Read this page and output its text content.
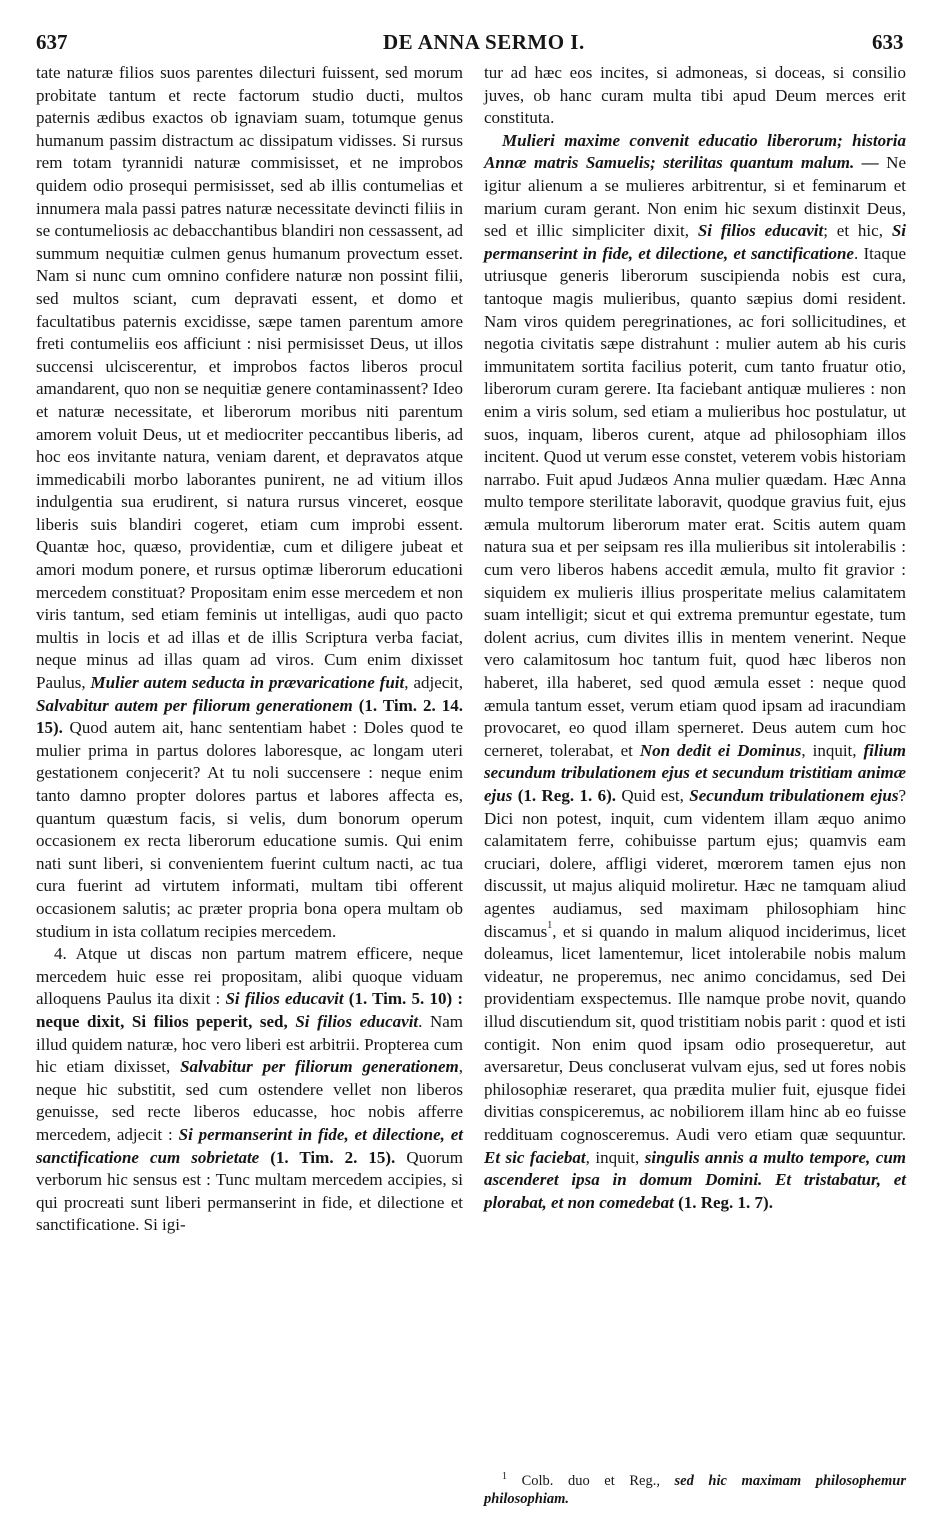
637	DE ANNA SERMO I.	633

tate naturæ filios suos parentes dilecturi fuissent, sed morum probitate tantum et recte factorum studio ducti, multos paternis ædibus exactos ob ignaviam suam, totumque genus humanum passim distractum ac dissipatum vidisses. Si rursus rem totam tyrannidi naturæ commisisset, et ne improbos quidem odio prosequi permisisset, sed ab illis contumelias et innumera mala passi patres naturæ necessitate devincti filiis in se contumeliosis ac debacchantibus blandiri non cessassent, ad summum nequitiæ culmen genus humanum provectum esset. Nam si nunc cum omnino confidere naturæ non possint filii, sed multos sciant, cum depravati essent, et domo et facultatibus paternis excidisse, sæpe tamen parentum amore freti contumeliis eos afficiunt : nisi permisisset Deus, ut illos succensi ulciscerentur, et improbos factos liberos procul amandarent, quo non se nequitiæ genere contaminassent? Ideo et naturæ necessitate, et liberorum moribus niti parentum amorem voluit Deus, ut et mediocriter peccantibus liberis, ad hoc eos invitante natura, veniam darent, et depravatos atque immedicabili morbo laborantes punirent, ne ad vitium illos indulgentia sua erudirent, si natura rursus vinceret, eosque liberis suis blandiri cogeret, etiam cum improbi essent. Quantæ hoc, quæso, providentiæ, cum et diligere jubeat et amori modum ponere, et rursus optimæ liberorum educationi mercedem constituat? Propositam enim esse mercedem et non viris tantum, sed etiam feminis ut intelligas, audi quo pacto multis in locis et ad illas et de illis Scriptura verba faciat, neque minus ad illas quam ad viros. Cum enim dixisset Paulus, Mulier autem seducta in prævaricatione fuit, adjecit, Salvabitur autem per filiorum generationem (1. Tim. 2. 14. 15). Quod autem ait, hanc sententiam habet : Doles quod te mulier prima in partus dolores laboresque, ac longam uteri gestationem conjecerit? At tu noli succensere : neque enim tanto damno propter dolores partus et labores affecta es, quantum quæstum facis, si velis, dum bonorum operum occasionem ex recta liberorum educatione sumis. Qui enim nati sunt liberi, si convenientem fuerint cultum nacti, ac tua cura fuerint ad virtutem informati, multam tibi offerent occasionem salutis; ac præter propria bona opera multam ob studium in ista collatum recipies mercedem.

4. Atque ut discas non partum matrem efficere, neque mercedem huic esse rei propositam, alibi quoque viduam alloquens Paulus ita dixit : Si filios educavit (1. Tim. 5. 10) : neque dixit, Si filios peperit, sed, Si filios educavit. Nam illud quidem naturæ, hoc vero liberi est arbitrii. Propterea cum hic etiam dixisset, Salvabitur per filiorum generationem, neque hic substitit, sed cum ostendere vellet non liberos genuisse, sed recte liberos educasse, hoc nobis afferre mercedem, adjecit : Si permanserint in fide, et dilectione, et sanctificatione cum sobrietate (1. Tim. 2. 15). Quorum verborum hic sensus est : Tunc multam mercedem accipies, si qui procreati sunt liberi permanserint in fide, et dilectione et sanctificatione. Si igi-

tur ad hæc eos incites, si admoneas, si doceas, si consilio juves, ob hanc curam multa tibi apud Deum merces erit constituta.

Mulieri maxime convenit educatio liberorum; historia Annæ matris Samuelis; sterilitas quantum malum. — Ne igitur alienum a se mulieres arbitrentur, si et feminarum et marium curam gerant. Non enim hic sexum distinxit Deus, sed et illic simpliciter dixit, Si filios educavit; et hic, Si permanserint in fide, et dilectione, et sanctificatione. Itaque utriusque generis liberorum suscipienda nobis est cura, tantoque magis mulieribus, quanto sæpius domi resident. Nam viros quidem peregrinationes, ac fori sollicitudines, et negotia civitatis sæpe distrahunt : mulier autem ab his curis immunitatem sortita facilius poterit, cum tanto fruatur otio, liberorum curam gerere. Ita faciebant antiquæ mulieres : non enim a viris solum, sed etiam a mulieribus hoc postulatur, ut suos, inquam, liberos curent, atque ad philosophiam illos incitent. Quod ut verum esse constet, veterem vobis historiam narrabo. Fuit apud Judæos Anna mulier quædam. Hæc Anna multo tempore sterilitate laboravit, quodque gravius fuit, ejus æmula multorum liberorum mater erat. Scitis autem quam natura sua et per seipsam res illa mulieribus sit intolerabilis : cum vero liberos habens accedit æmula, multo fit gravior : siquidem ex mulieris illius prosperitate melius calamitatem suam intelligit; sicut et qui extrema premuntur egestate, tum dolent acrius, cum divites illis in mentem venerint. Neque vero calamitosum hoc tantum fuit, quod hæc liberos non haberet, illa haberet, sed quod æmula esset : neque quod æmula tantum esset, verum etiam quod ipsam ad iracundiam provocaret, eo quod illam sperneret. Deus autem cum hoc cerneret, tolerabat, et Non dedit ei Dominus, inquit, filium secundum tribulationem ejus et secundum tristitiam animæ ejus (1. Reg. 1. 6). Quid est, Secundum tribulationem ejus? Dici non potest, inquit, cum videntem illam æquo animo calamitatem ferre, cohibuisse partum ejus; quamvis eam cruciari, dolere, affligi videret, mœrorem tamen ejus non discussit, ut majus aliquid moliretur. Hæc ne tamquam aliud agentes audiamus, sed maximam philosophiam hinc discamus$^1$, et si quando in malum aliquod inciderimus, licet doleamus, licet lamentemur, licet intolerabile nobis malum videatur, ne properemus, nec animo concidamus, sed Dei providentiam exspectemus. Ille namque probe novit, quando illud discutiendum sit, quod tristitiam nobis parit : quod et isti contigit. Non enim quod ipsam odio prosequeretur, aut aversaretur, Deus concluserat vulvam ejus, sed ut fores nobis philosophiæ reseraret, qua prædita mulier fuit, ejusque fidei divitias conspiceremus, ac nobiliorem illam hinc ab eo fuisse reddituam cognosceremus. Audi vero etiam quæ sequuntur. Et sic faciebat, inquit, singulis annis a multo tempore, cum ascenderet ipsa in domum Domini. Et tristabatur, et plorabat, et non comedebat (1. Reg. 1. 7).

$^1$ Colb. duo et Reg., sed hic maximam philosophemur philosophiam.
